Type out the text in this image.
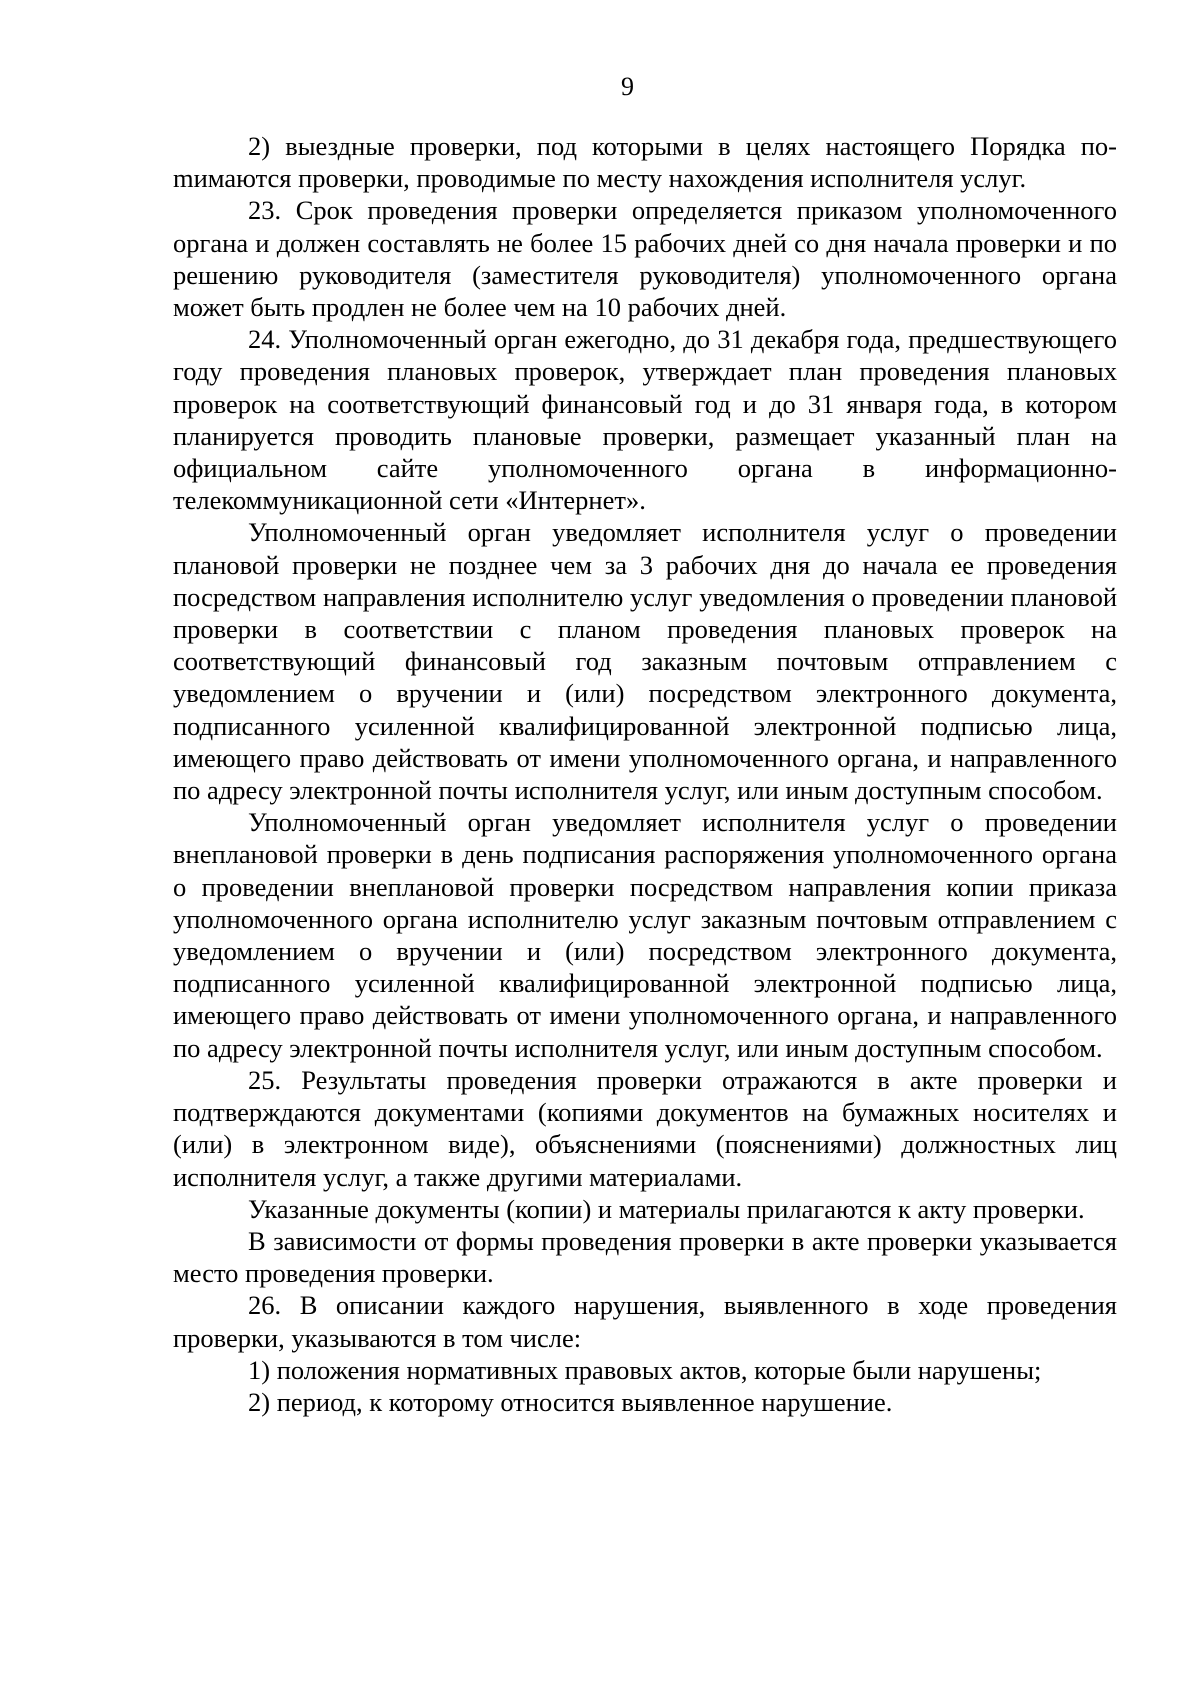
9

2) выездные проверки, под которыми в целях настоящего Порядка поmимаются проверки, проводимые по месту нахождения исполнителя услуг.

23. Срок проведения проверки определяется приказом уполномоченного органа и должен составлять не более 15 рабочих дней со дня начала проверки и по решению руководителя (заместителя руководителя) уполномоченного органа может быть продлен не более чем на 10 рабочих дней.

24. Уполномоченный орган ежегодно, до 31 декабря года, предшествующего году проведения плановых проверок, утверждает план проведения плановых проверок на соответствующий финансовый год и до 31 января года, в котором планируется проводить плановые проверки, размещает указанный план на официальном сайте уполномоченного органа в информационно-телекоммуникационной сети «Интернет».

Уполномоченный орган уведомляет исполнителя услуг о проведении плановой проверки не позднее чем за 3 рабочих дня до начала ее проведения посредством направления исполнителю услуг уведомления о проведении плановой проверки в соответствии с планом проведения плановых проверок на соответствующий финансовый год заказным почтовым отправлением с уведомлением о вручении и (или) посредством электронного документа, подписанного усиленной квалифицированной электронной подписью лица, имеющего право действовать от имени уполномоченного органа, и направленного по адресу электронной почты исполнителя услуг, или иным доступным способом.

Уполномоченный орган уведомляет исполнителя услуг о проведении внеплановой проверки в день подписания распоряжения уполномоченного органа о проведении внеплановой проверки посредством направления копии приказа уполномоченного органа исполнителю услуг заказным почтовым отправлением с уведомлением о вручении и (или) посредством электронного документа, подписанного усиленной квалифицированной электронной подписью лица, имеющего право действовать от имени уполномоченного органа, и направленного по адресу электронной почты исполнителя услуг, или иным доступным способом.

25. Результаты проведения проверки отражаются в акте проверки и подтверждаются документами (копиями документов на бумажных носителях и (или) в электронном виде), объяснениями (пояснениями) должностных лиц исполнителя услуг, а также другими материалами.

Указанные документы (копии) и материалы прилагаются к акту проверки.

В зависимости от формы проведения проверки в акте проверки указывается место проведения проверки.

26. В описании каждого нарушения, выявленного в ходе проведения проверки, указываются в том числе:

1) положения нормативных правовых актов, которые были нарушены;

2) период, к которому относится выявленное нарушение.
